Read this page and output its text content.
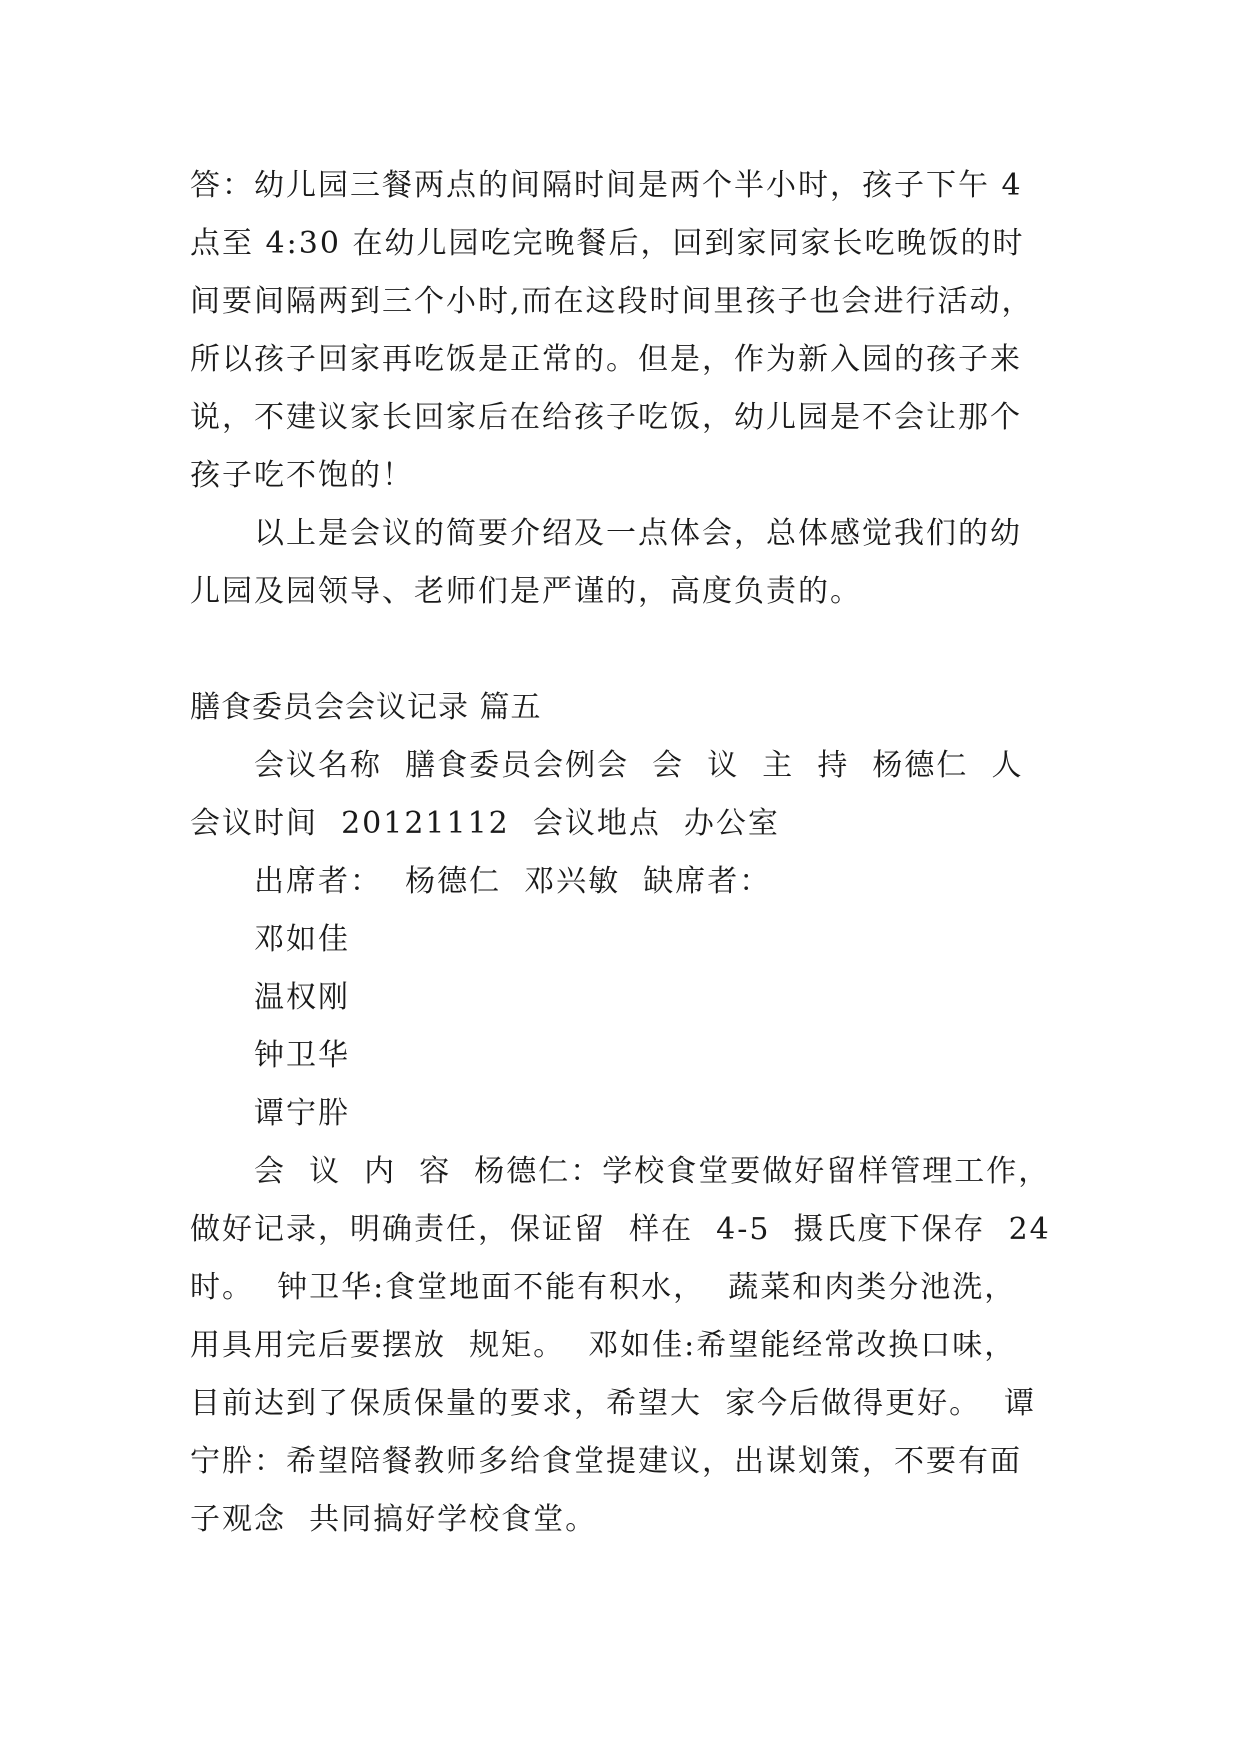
答：幼儿园三餐两点的间隔时间是两个半小时，孩子下午 4
点至 4:30 在幼儿园吃完晚餐后，回到家同家长吃晚饭的时
间要间隔两到三个小时,而在这段时间里孩子也会进行活动，
所以孩子回家再吃饭是正常的。但是，作为新入园的孩子来
说，不建议家长回家后在给孩子吃饭，幼儿园是不会让那个
孩子吃不饱的！
以上是会议的简要介绍及一点体会，总体感觉我们的幼
儿园及园领导、老师们是严谨的，高度负责的。
膳食委员会会议记录 篇五
会议名称  膳食委员会例会  会  议  主  持  杨德仁  人
会议时间  20121112  会议地点  办公室
出席者：  杨德仁  邓兴敏  缺席者：
邓如佳
温权刚
钟卫华
谭宁肸
会  议  内  容  杨德仁：学校食堂要做好留样管理工作，
做好记录，明确责任，保证留  样在  4-5  摄氏度下保存  24
时。  钟卫华:食堂地面不能有积水，  蔬菜和肉类分池洗，
用具用完后要摆放  规矩。  邓如佳:希望能经常改换口味，
目前达到了保质保量的要求，希望大  家今后做得更好。  谭
宁肸：希望陪餐教师多给食堂提建议，出谋划策，不要有面
子观念  共同搞好学校食堂。
